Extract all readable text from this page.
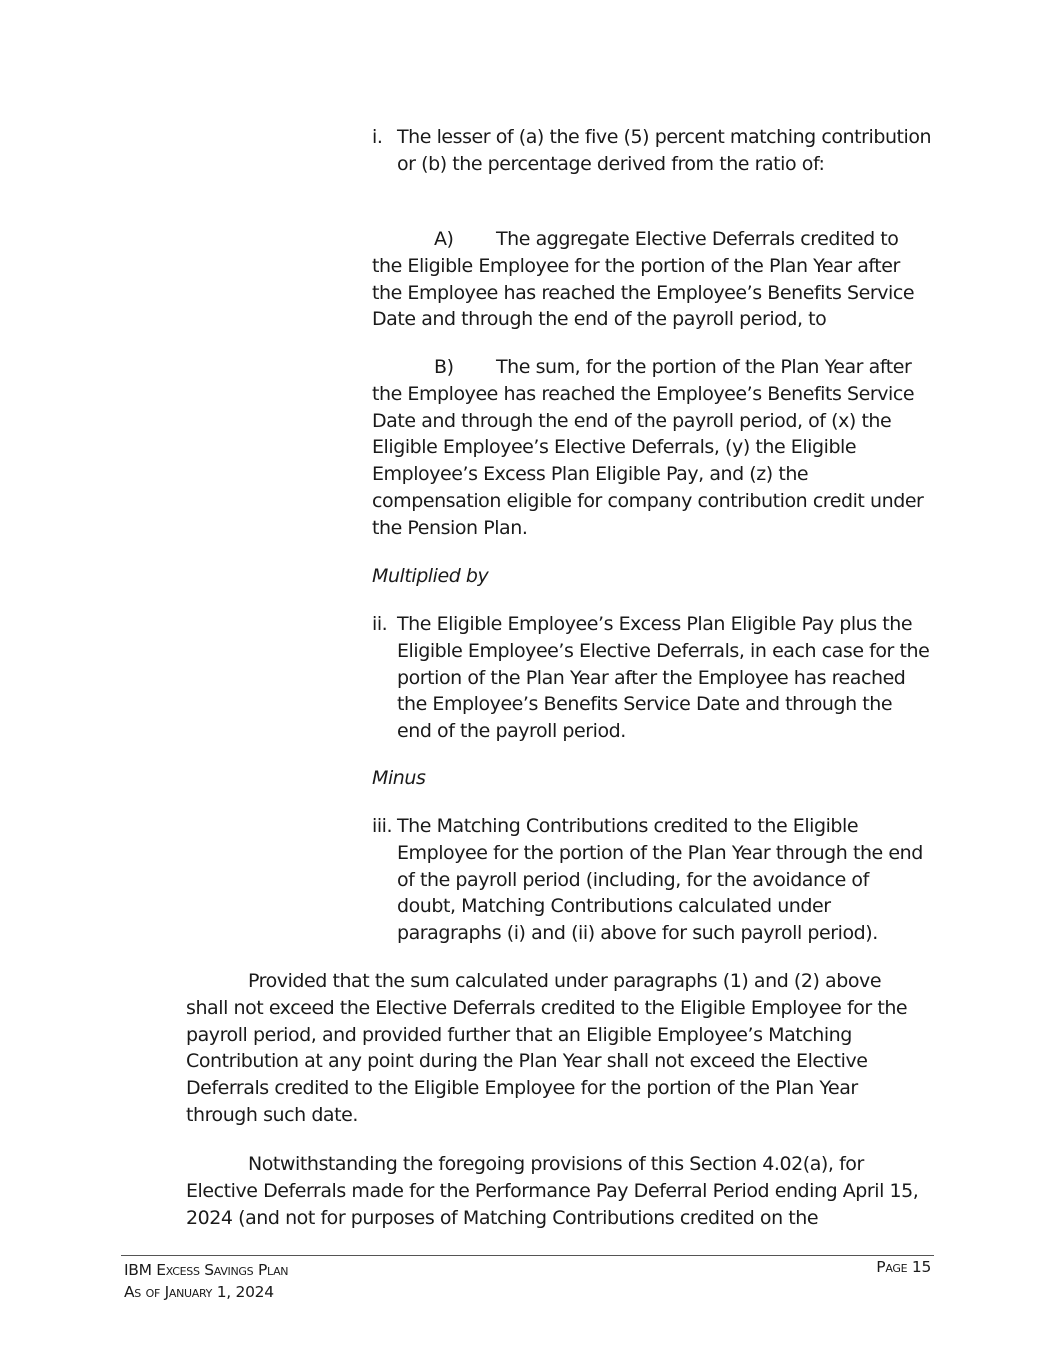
i. The lesser of (a) the five (5) percent matching contribution or (b) the percentage derived from the ratio of:
A) The aggregate Elective Deferrals credited to the Eligible Employee for the portion of the Plan Year after the Employee has reached the Employee’s Benefits Service Date and through the end of the payroll period, to
B) The sum, for the portion of the Plan Year after the Employee has reached the Employee’s Benefits Service Date and through the end of the payroll period, of (x) the Eligible Employee’s Elective Deferrals, (y) the Eligible Employee’s Excess Plan Eligible Pay, and (z) the compensation eligible for company contribution credit under the Pension Plan.
Multiplied by
ii. The Eligible Employee’s Excess Plan Eligible Pay plus the Eligible Employee’s Elective Deferrals, in each case for the portion of the Plan Year after the Employee has reached the Employee’s Benefits Service Date and through the end of the payroll period.
Minus
iii. The Matching Contributions credited to the Eligible Employee for the portion of the Plan Year through the end of the payroll period (including, for the avoidance of doubt, Matching Contributions calculated under paragraphs (i) and (ii) above for such payroll period).
Provided that the sum calculated under paragraphs (1) and (2) above shall not exceed the Elective Deferrals credited to the Eligible Employee for the payroll period, and provided further that an Eligible Employee’s Matching Contribution at any point during the Plan Year shall not exceed the Elective Deferrals credited to the Eligible Employee for the portion of the Plan Year through such date.
Notwithstanding the foregoing provisions of this Section 4.02(a), for Elective Deferrals made for the Performance Pay Deferral Period ending April 15, 2024 (and not for purposes of Matching Contributions credited on the
IBM Excess Savings Plan
As of January 1, 2024
Page 15
